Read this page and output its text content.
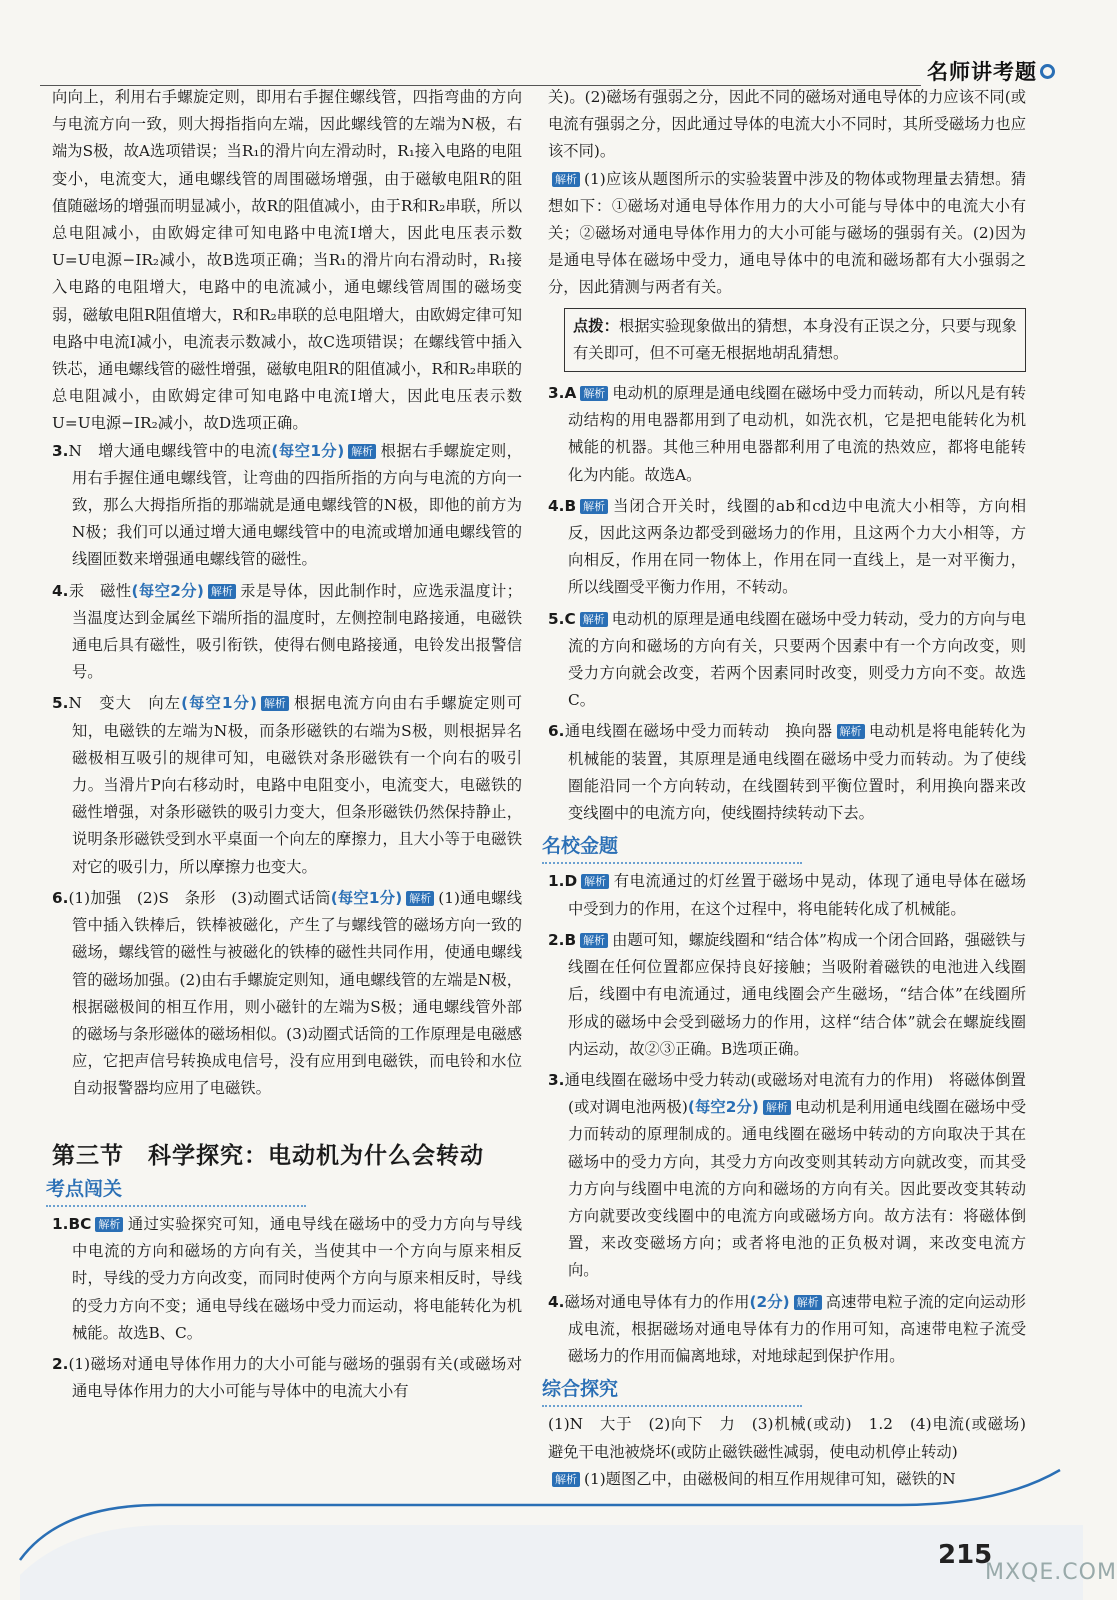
名师讲考题

向向上，利用右手螺旋定则，即用右手握住螺线管，四指弯曲的方向与电流方向一致，则大拇指指向左端，因此螺线管的左端为N极，右端为S极，故A选项错误；当R₁的滑片向左滑动时，R₁接入电路的电阻变小，电流变大，通电螺线管的周围磁场增强，由于磁敏电阻R的阻值随磁场的增强而明显减小，故R的阻值减小，由于R和R₂串联，所以总电阻减小，由欧姆定律可知电路中电流I增大，因此电压表示数U=U电源−IR₂减小，故B选项正确；当R₁的滑片向右滑动时，R₁接入电路的电阻增大，电路中的电流减小，通电螺线管周围的磁场变弱，磁敏电阻R阻值增大，R和R₂串联的总电阻增大，由欧姆定律可知电路中电流I减小，电流表示数减小，故C选项错误；在螺线管中插入铁芯，通电螺线管的磁性增强，磁敏电阻R的阻值减小，R和R₂串联的总电阻减小，由欧姆定律可知电路中电流I增大，因此电压表示数U=U电源−IR₂减小，故D选项正确。

3.N　增大通电螺线管中的电流(每空1分) 解析 根据右手螺旋定则，用右手握住通电螺线管，让弯曲的四指所指的方向与电流的方向一致，那么大拇指所指的那端就是通电螺线管的N极，即他的前方为N极；我们可以通过增大通电螺线管中的电流或增加通电螺线管的线圈匝数来增强通电螺线管的磁性。

4.汞　磁性(每空2分) 解析 汞是导体，因此制作时，应选汞温度计；当温度达到金属丝下端所指的温度时，左侧控制电路接通，电磁铁通电后具有磁性，吸引衔铁，使得右侧电路接通，电铃发出报警信号。

5.N　变大　向左(每空1分) 解析 根据电流方向由右手螺旋定则可知，电磁铁的左端为N极，而条形磁铁的右端为S极，则根据异名磁极相互吸引的规律可知，电磁铁对条形磁铁有一个向右的吸引力。当滑片P向右移动时，电路中电阻变小，电流变大，电磁铁的磁性增强，对条形磁铁的吸引力变大，但条形磁铁仍然保持静止，说明条形磁铁受到水平桌面一个向左的摩擦力，且大小等于电磁铁对它的吸引力，所以摩擦力也变大。

6.(1)加强　(2)S　条形　(3)动圈式话筒(每空1分) 解析 (1)通电螺线管中插入铁棒后，铁棒被磁化，产生了与螺线管的磁场方向一致的磁场，螺线管的磁性与被磁化的铁棒的磁性共同作用，使通电螺线管的磁场加强。(2)由右手螺旋定则知，通电螺线管的左端是N极，根据磁极间的相互作用，则小磁针的左端为S极；通电螺线管外部的磁场与条形磁体的磁场相似。(3)动圈式话筒的工作原理是电磁感应，它把声信号转换成电信号，没有应用到电磁铁，而电铃和水位自动报警器均应用了电磁铁。

第三节　科学探究：电动机为什么会转动
考点闯关

1.BC 解析 通过实验探究可知，通电导线在磁场中的受力方向与导线中电流的方向和磁场的方向有关，当使其中一个方向与原来相反时，导线的受力方向改变，而同时使两个方向与原来相反时，导线的受力方向不变；通电导线在磁场中受力而运动，将电能转化为机械能。故选B、C。

2.(1)磁场对通电导体作用力的大小可能与磁场的强弱有关(或磁场对通电导体作用力的大小可能与导体中的电流大小有

关)。(2)磁场有强弱之分，因此不同的磁场对通电导体的力应该不同(或电流有强弱之分，因此通过导体的电流大小不同时，其所受磁场力也应该不同)。

解析 (1)应该从题图所示的实验装置中涉及的物体或物理量去猜想。猜想如下：①磁场对通电导体作用力的大小可能与导体中的电流大小有关；②磁场对通电导体作用力的大小可能与磁场的强弱有关。(2)因为是通电导体在磁场中受力，通电导体中的电流和磁场都有大小强弱之分，因此猜测与两者有关。

点拨：根据实验现象做出的猜想，本身没有正误之分，只要与现象有关即可，但不可毫无根据地胡乱猜想。

3.A 解析 电动机的原理是通电线圈在磁场中受力而转动，所以凡是有转动结构的用电器都用到了电动机，如洗衣机，它是把电能转化为机械能的机器。其他三种用电器都利用了电流的热效应，都将电能转化为内能。故选A。

4.B 解析 当闭合开关时，线圈的ab和cd边中电流大小相等，方向相反，因此这两条边都受到磁场力的作用，且这两个力大小相等，方向相反，作用在同一物体上，作用在同一直线上，是一对平衡力，所以线圈受平衡力作用，不转动。

5.C 解析 电动机的原理是通电线圈在磁场中受力转动，受力的方向与电流的方向和磁场的方向有关，只要两个因素中有一个方向改变，则受力方向就会改变，若两个因素同时改变，则受力方向不变。故选C。

6.通电线圈在磁场中受力而转动　换向器 解析 电动机是将电能转化为机械能的装置，其原理是通电线圈在磁场中受力而转动。为了使线圈能沿同一个方向转动，在线圈转到平衡位置时，利用换向器来改变线圈中的电流方向，使线圈持续转动下去。

名校金题

1.D 解析 有电流通过的灯丝置于磁场中晃动，体现了通电导体在磁场中受到力的作用，在这个过程中，将电能转化成了机械能。

2.B 解析 由题可知，螺旋线圈和“结合体”构成一个闭合回路，强磁铁与线圈在任何位置都应保持良好接触；当吸附着磁铁的电池进入线圈后，线圈中有电流通过，通电线圈会产生磁场，“结合体”在线圈所形成的磁场中会受到磁场力的作用，这样“结合体”就会在螺旋线圈内运动，故②③正确。B选项正确。

3.通电线圈在磁场中受力转动(或磁场对电流有力的作用)　将磁体倒置(或对调电池两极)(每空2分) 解析 电动机是利用通电线圈在磁场中受力而转动的原理制成的。通电线圈在磁场中转动的方向取决于其在磁场中的受力方向，其受力方向改变则其转动方向就改变，而其受力方向与线圈中电流的方向和磁场的方向有关。因此要改变其转动方向就要改变线圈中的电流方向或磁场方向。故方法有：将磁体倒置，来改变磁场方向；或者将电池的正负极对调，来改变电流方向。

4.磁场对通电导体有力的作用(2分) 解析 高速带电粒子流的定向运动形成电流，根据磁场对通电导体有力的作用可知，高速带电粒子流受磁场力的作用而偏离地球，对地球起到保护作用。

综合探究

(1)N　大于　(2)向下　力　(3)机械(或动)　1.2　(4)电流(或磁场)　避免干电池被烧坏(或防止磁铁磁性减弱，使电动机停止转动)

解析 (1)题图乙中，由磁极间的相互作用规律可知，磁铁的N

215
MXQE.COM
